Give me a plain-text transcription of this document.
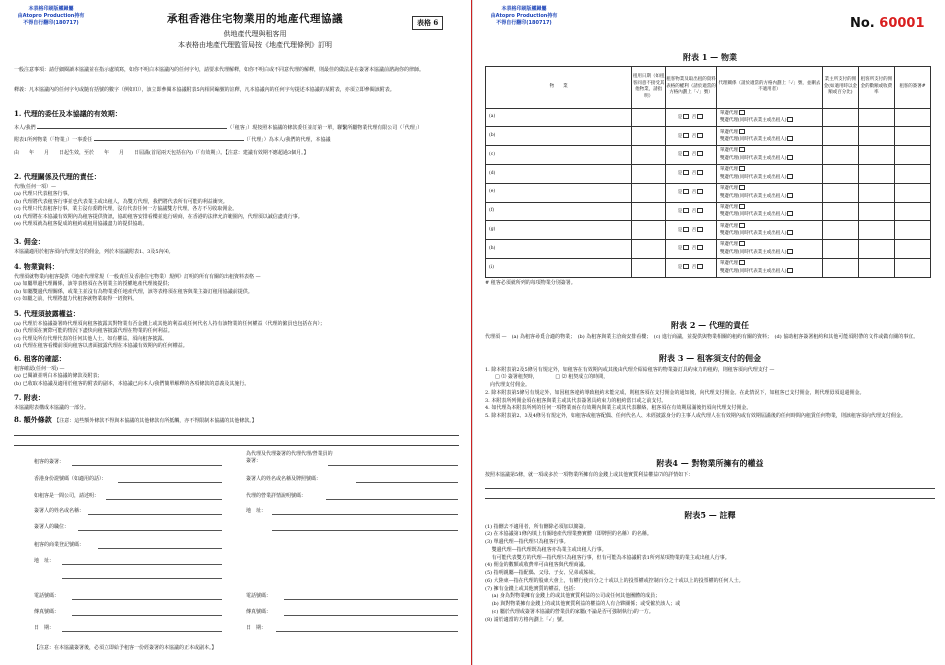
本表格印刷版權歸屬
由Atopro Production持有
不得自行翻印(180717)	承租香港住宅物業用的地產代理協議	表格 6
供地產代理與租客用
本表格由地產代理監管局按《地產代理條例》訂明
一般注意事項：請仔細閱讀本協議並在指示處填寫，如你不明白本協議內的任何字句，請要求代理解釋，如你不明白或不同意代理的解釋，則最佳的做法是在簽署本協議前諮詢你的律師。
釋義：凡本協議內的任何字句或隨有括號的數字（例如⑴），該立即參閱本協議附表5內相同編號的註釋，凡本協議內的任何字句提述本協議的某附表，亦須立即參閱該附表。
1. 代理的委任及本協議的有效期：
本人/我們	（「租客」）現按照本協議的條款委任並訂第一單，聯繫所屬物業代理有限公司（「代理」）
附表1所列物業（「物業」）一事委任	（「代理」）為本人/我們的代理，本協議
由　　年　　月　　日起生效，至於　　年　　月　　日屆滿(首尾兩天包括在內)（「有效期」）。【注意：建議有效期不應超過3個月。】
2. 代理關係及代理的責任：
代理(任何一項）—
(a) 代理只代表租客行事。
(b) 代理將代表租客行事並也代表業主或出租人，為雙方代理，我們將代表所有可能的利益衝突。
(c) 代理只代表租客行事，業主沒有委聘代理，沒有代表任何一方協議雙方代理，各方不另收取佣金。
(d) 代理將在本協議有效期內為租客提供資訊，協助租客安排看樓並進行磋商，在香港的法律允許範圍內，代理須以誠信盡責行事。
(e) 代理須就為租客促成的租約或租用協議盡力的提供協助。
3. 佣金：
本協議適用於租客須向代理支付的佣金，列於本協議附表1、3及5內⑷。
4. 物業資料：
代理須就物業向租客提供《地產代理常規（一般責任及香港住宅物業）規例》訂明的所有有關的出租資料表格 —
(a) 如屬單邊代理關係，該等表格須在各別業主的授權地產代理後提供；
(b) 如屬雙邊代理關係，或業主並沒有為物業委任地產代理，該等表格須在租客與業主簽訂租用協議前提供。
(c) 如屬之前，代理將盡力代租客就物業取得一切資料。
5. 代理須披露權益：
(a) 代理於本協議簽署時代理須向租客披露其對物業有否金錢上或其他的利益或任何代名人持有該物業的任何權益（代理的僱員也包括在內）；
(b) 代理須在實際可能的情況下盡快向租客披露代理在物業的任何利益。
(c) 代理及所有代理代表的任何其他人士，如有權益，須向租客披露。
(d) 代理在租客看樓前須向租客以書面披露代理在本協議有效期內的任何權益。
6. 租客的確認：
租客確認(任何一項) —
(a) 已閱讀並明白本協議的條款及附表；
(b) 已收取本協議及適用於租客的附表的副本，本協議已向本人/我們簡單解釋的各項條款的意義及其施行。
7. 附表：
本協議附表構成本協議的一部分。
8. 額外條款 【注意：這些額外條款不得與本協議的其他條款有所抵觸，亦不得限制本協議的其他條款。】
租客的簽署：
香港身份證號碼（如適用的話）：
如租客是一間公司，請述明：
簽署人的姓名或名稱：
簽署人的職位：
租客的商業登記號碼：
地　址：
電話號碼：
傳真號碼：
日　期：
為代理及代理簽署的代理代理/營業員的簽署：
簽署人的姓名或名稱及牌照號碼：
代理的營業詳情說明號碼：
地　址：
電話號碼：
傳真號碼：
日　期：
【注意：在本協議簽署後，必須立即給予租客一份經簽署的本協議的正本或副本。】
本表格印刷版權歸屬
由Atopro Production持有
不得自行翻印(180717)	No. 60001
附表 1 — 物業
物　　業	租用日期（如租客同意不接受其他物業，請指明）	租客物業及取出租的資料表格的權利（請於適當的方格內劃上「✓」號）	代理關係（請於適當的方格內劃上「✓」號，並刪去不適用者）	業主所支付的佣金(如適用時以金額或百分比)	租客所支付的佣金的數額或收費率	租客的簽署#
(a)		是 否	單邊代理
雙邊代理(同時代表業主或出租人)			
(b)		是 否	單邊代理
雙邊代理(同時代表業主或出租人)			
(c)		是 否	單邊代理
雙邊代理(同時代表業主或出租人)			
(d)		是 否	單邊代理
雙邊代理(同時代表業主或出租人)			
(e)		是 否	單邊代理
雙邊代理(同時代表業主或出租人)			
(f)		是 否	單邊代理
雙邊代理(同時代表業主或出租人)			
(g)		是 否	單邊代理
雙邊代理(同時代表業主或出租人)			
(h)		是 否	單邊代理
雙邊代理(同時代表業主或出租人)			
(i)		是 否	單邊代理
雙邊代理(同時代表業主或出租人)			
# 租客必須就所列的每項物業分別簽署。
附表 2 — 代理的責任
代理須 —　(a) 為租客尋覓合適的物業；　(b) 為租客與業主洽商安排看樓；　(c) 進行商議，並提供與物業相關的租約有關的資料；　(d) 協助租客簽署租約和其他可能須附帶的文件或做有關的事宜。
附表 3 — 租客須支付的佣金
1. 除本附表第2及5條另有規定外，如租客在有效期內或其後由代理介紹給租客的物業簽訂具約束力的租約，則租客須向代理支付 —
□ ⑴ 簽署租契時，　　　　□ ⑵ 租契成立的時間，
　向代理支付佣金。
2. 除本附表第5條另有規定外，如因租客違約導致租約未能完成，則租客須在支付佣金的通知後，向代理支付佣金。在此情況下，如租客已支付佣金，則代理毋須退還佣金。
3. 本附表所列佣金須在租客與業主或其代表簽署具約束力的租約當日或之前支付。
4. 如代理為本附表所列的任何一項物業而在有效期內與業主或其代表聯絡，租客須在有效期屆滿後仍須向代理支付佣金。
5. 除本附表第2、3及4條另有規定外，如租客或租客配偶、任何代名人、未經披露身分的主事人或代理人在有效期內或有效期屆滿後的任何時間內租賃任何物業，則該租客須向代理支付佣金。
附表4 — 對物業所擁有的權益
按照本協議第5條，就一項或多於一項物業所擁有的金錢上或其他實質利益權益⑺的詳情如下：
附表5 — 註釋
(1) 指刪去不適用者，所有刪除必須加以簡簽。
(2) 在本協議第1條內填上有關地產代理業務實體（即牌照的名稱）的名稱。
(3) 單邊代理—指代理只為租客行事。
　 雙邊代理—指代理既為租客亦為業主或出租人行事。
　 有可能代表雙方的代理—指代理只為租客行事，但有可能為本協議附表1所列某項物業的業主或出租人行事。
(4) 佣金的數額或收費率可由租客與代理商議。
(5) 指明親屬—指配偶、父母、子女、兄弟或姊妹。
(6) 大陸東—指在代理的股東大會上，有權行使百分之十或以上的投票權或控制百分之十或以上的投票權的任何人士。
(7) 擁有金錢上或其他實質的權益，包括：
　 (a) 身為對物業擁有金錢上的或其他實質利益的公司或任何其他團體的成員；
　 (b) 與對物業擁有金錢上的或其他實質利益的權益的人有合夥關係；或受僱於該人；或
　 (c) 屬於代理或簽署本協議的營業員的家屬(不論是否可強制執行)的一方。
(8) 請於適當的方格內劃上「✓」號。
